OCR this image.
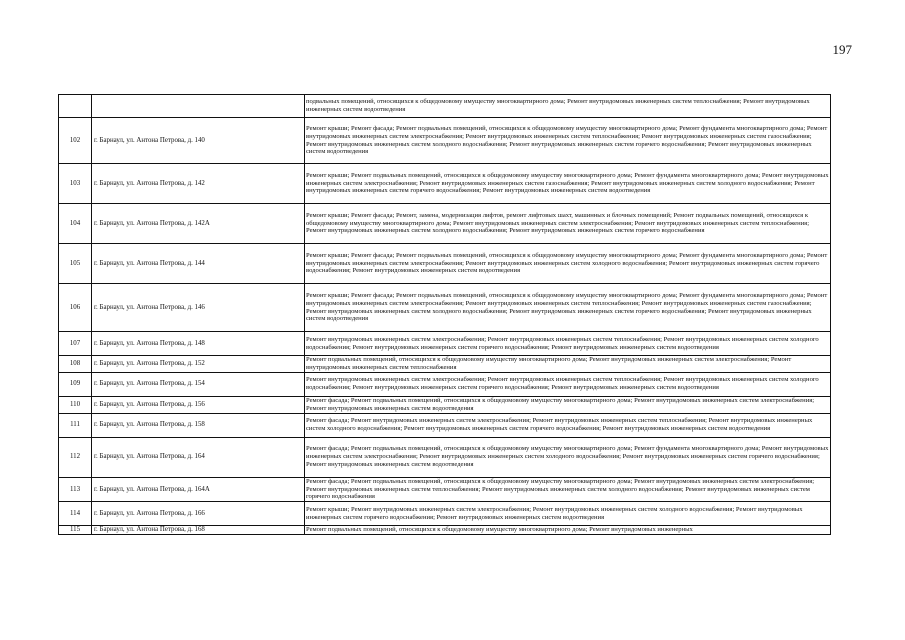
197
		подвальных помещений, относящихся к общедомовому имуществу многоквартирного дома; Ремонт внутридомовых инженерных систем теплоснабжения; Ремонт внутридомовых инженерных систем водоотведения
102	г. Барнаул, ул. Антона Петрова, д. 140	Ремонт крыши; Ремонт фасада; Ремонт подвальных помещений, относящихся к общедомовому имуществу многоквартирного дома; Ремонт фундамента многоквартирного дома; Ремонт внутридомовых инженерных систем электроснабжения; Ремонт внутридомовых инженерных систем теплоснабжения; Ремонт внутридомовых инженерных систем газоснабжения; Ремонт внутридомовых инженерных систем холодного водоснабжения; Ремонт внутридомовых инженерных систем горячего водоснабжения; Ремонт внутридомовых инженерных систем водоотведения
103	г. Барнаул, ул. Антона Петрова, д. 142	Ремонт крыши; Ремонт подвальных помещений, относящихся к общедомовому имуществу многоквартирного дома; Ремонт фундамента многоквартирного дома; Ремонт внутридомовых инженерных систем электроснабжения; Ремонт внутридомовых инженерных систем газоснабжения; Ремонт внутридомовых инженерных систем холодного водоснабжения; Ремонт внутридомовых инженерных систем горячего водоснабжения; Ремонт внутридомовых инженерных систем водоотведения
104	г. Барнаул, ул. Антона Петрова, д. 142А	Ремонт крыши; Ремонт фасада; Ремонт, замена, модернизация лифтов, ремонт лифтовых шахт, машинных и блочных помещений; Ремонт подвальных помещений, относящихся к общедомовому имуществу многоквартирного дома; Ремонт внутридомовых инженерных систем электроснабжения; Ремонт внутридомовых инженерных систем теплоснабжения; Ремонт внутридомовых инженерных систем холодного водоснабжения; Ремонт внутридомовых инженерных систем горячего водоснабжения
105	г. Барнаул, ул. Антона Петрова, д. 144	Ремонт крыши; Ремонт фасада; Ремонт подвальных помещений, относящихся к общедомовому имуществу многоквартирного дома; Ремонт фундамента многоквартирного дома; Ремонт внутридомовых инженерных систем электроснабжения; Ремонт внутридомовых инженерных систем холодного водоснабжения; Ремонт внутридомовых инженерных систем горячего водоснабжения; Ремонт внутридомовых инженерных систем водоотведения
106	г. Барнаул, ул. Антона Петрова, д. 146	Ремонт крыши; Ремонт фасада; Ремонт подвальных помещений, относящихся к общедомовому имуществу многоквартирного дома; Ремонт фундамента многоквартирного дома; Ремонт внутридомовых инженерных систем электроснабжения; Ремонт внутридомовых инженерных систем теплоснабжения; Ремонт внутридомовых инженерных систем газоснабжения; Ремонт внутридомовых инженерных систем холодного водоснабжения; Ремонт внутридомовых инженерных систем горячего водоснабжения; Ремонт внутридомовых инженерных систем водоотведения
107	г. Барнаул, ул. Антона Петрова, д. 148	Ремонт внутридомовых инженерных систем электроснабжения; Ремонт внутридомовых инженерных систем теплоснабжения; Ремонт внутридомовых инженерных систем холодного водоснабжения; Ремонт внутридомовых инженерных систем горячего водоснабжения; Ремонт внутридомовых инженерных систем водоотведения
108	г. Барнаул, ул. Антона Петрова, д. 152	Ремонт подвальных помещений, относящихся к общедомовому имуществу многоквартирного дома; Ремонт внутридомовых инженерных систем электроснабжения; Ремонт внутридомовых инженерных систем теплоснабжения
109	г. Барнаул, ул. Антона Петрова, д. 154	Ремонт внутридомовых инженерных систем электроснабжения; Ремонт внутридомовых инженерных систем теплоснабжения; Ремонт внутридомовых инженерных систем холодного водоснабжения; Ремонт внутридомовых инженерных систем горячего водоснабжения; Ремонт внутридомовых инженерных систем водоотведения
110	г. Барнаул, ул. Антона Петрова, д. 156	Ремонт фасада; Ремонт подвальных помещений, относящихся к общедомовому имуществу многоквартирного дома; Ремонт внутридомовых инженерных систем электроснабжения; Ремонт внутридомовых инженерных систем водоотведения
111	г. Барнаул, ул. Антона Петрова, д. 158	Ремонт фасада; Ремонт внутридомовых инженерных систем электроснабжения; Ремонт внутридомовых инженерных систем теплоснабжения; Ремонт внутридомовых инженерных систем холодного водоснабжения; Ремонт внутридомовых инженерных систем горячего водоснабжения; Ремонт внутридомовых инженерных систем водоотведения
112	г. Барнаул, ул. Антона Петрова, д. 164	Ремонт фасада; Ремонт подвальных помещений, относящихся к общедомовому имуществу многоквартирного дома; Ремонт фундамента многоквартирного дома; Ремонт внутридомовых инженерных систем электроснабжения; Ремонт внутридомовых инженерных систем холодного водоснабжения; Ремонт внутридомовых инженерных систем горячего водоснабжения; Ремонт внутридомовых инженерных систем водоотведения
113	г. Барнаул, ул. Антона Петрова, д. 164А	Ремонт фасада; Ремонт подвальных помещений, относящихся к общедомовому имуществу многоквартирного дома; Ремонт внутридомовых инженерных систем электроснабжения; Ремонт внутридомовых инженерных систем теплоснабжения; Ремонт внутридомовых инженерных систем холодного водоснабжения; Ремонт внутридомовых инженерных систем горячего водоснабжения
114	г. Барнаул, ул. Антона Петрова, д. 166	Ремонт крыши; Ремонт внутридомовых инженерных систем электроснабжения; Ремонт внутридомовых инженерных систем холодного водоснабжения; Ремонт внутридомовых инженерных систем горячего водоснабжения; Ремонт внутридомовых инженерных систем водоотведения
115	г. Барнаул, ул. Антона Петрова, д. 168	Ремонт подвальных помещений, относящихся к общедомовому имуществу многоквартирного дома; Ремонт внутридомовых инженерных
